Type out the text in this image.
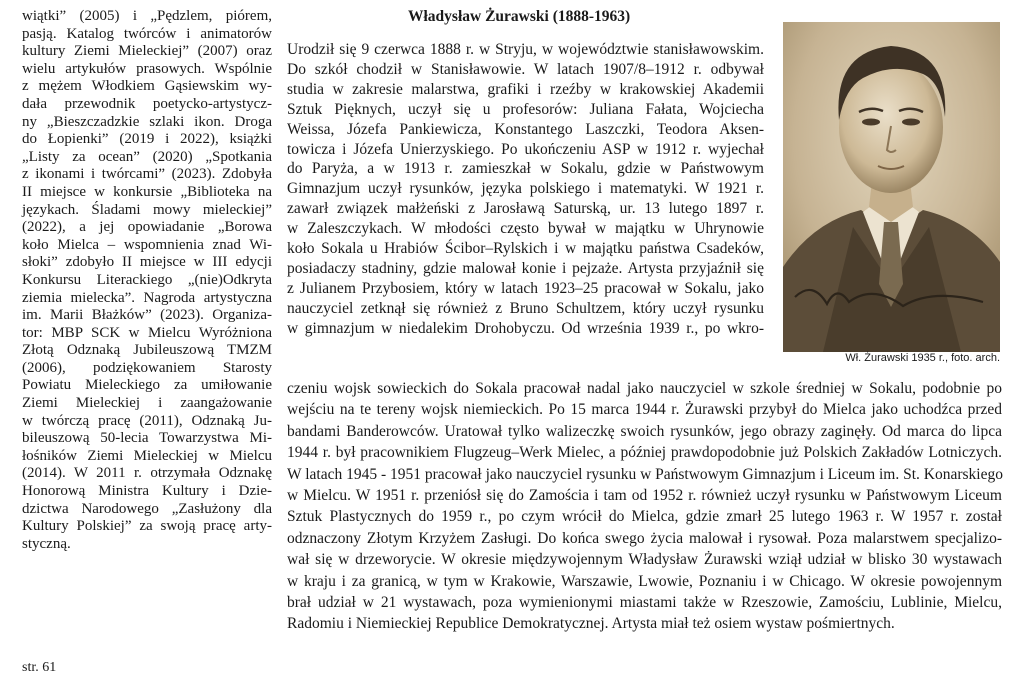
wiątki” (2005) i „Pędzlem, piórem,
pasją. Katalog twórców i animatorów
kultury Ziemi Mieleckiej” (2007) oraz
wielu artykułów prasowych. Wspólnie
z mężem Włodkiem Gąsiewskim wy-
dała przewodnik poetycko-artystycz-
ny „Bieszczadzkie szlaki ikon. Droga
do Łopienki” (2019 i 2022), książki
„Listy za ocean” (2020) „Spotkania
z ikonami i twórcami” (2023). Zdobyła
II miejsce w konkursie „Biblioteka na
językach. Śladami mowy mieleckiej”
(2022), a jej opowiadanie „Borowa
koło Mielca – wspomnienia znad Wi-
słoki” zdobyło II miejsce w III edycji
Konkursu Literackiego „(nie)Odkryta
ziemia mielecka”. Nagroda artystyczna
im. Marii Błażków” (2023). Organiza-
tor: MBP SCK w Mielcu Wyróżniona
Złotą Odznaką Jubileuszową TMZM
(2006), podziękowaniem Starosty
Powiatu Mieleckiego za umiłowanie
Ziemi Mieleckiej i zaangażowanie
w twórczą pracę (2011), Odznaką Ju-
bileuszową 50-lecia Towarzystwa Mi-
łośników Ziemi Mieleckiej w Mielcu
(2014). W 2011 r. otrzymała Odznakę
Honorową Ministra Kultury i Dzie-
dzictwa Narodowego „Zasłużony dla
Kultury Polskiej” za swoją pracę arty-
styczną.
str. 61
Władysław Żurawski (1888-1963)
Urodził się 9 czerwca 1888 r. w Stryju, w województwie stanisławowskim.
Do szkół chodził w Stanisławowie. W latach 1907/8–1912 r. odbywał
studia w zakresie malarstwa, grafiki i rzeźby w krakowskiej Akademii
Sztuk Pięknych, uczył się u profesorów: Juliana Fałata, Wojciecha
Weissa, Józefa Pankiewicza, Konstantego Laszczki, Teodora Aksen-
towicza i Józefa Unierzyskiego. Po ukończeniu ASP w 1912 r. wyjechał
do Paryża, a w 1913 r. zamieszkał w Sokalu, gdzie w Państwowym
Gimnazjum uczył rysunków, języka polskiego i matematyki. W 1921 r.
zawarł związek małżeński z Jarosławą Saturską, ur. 13 lutego 1897 r.
w Zaleszczykach. W młodości często bywał w majątku w Uhrynowie
koło Sokala u Hrabiów Ścibor–Rylskich i w majątku państwa Csadeków,
posiadaczy stadniny, gdzie malował konie i pejzaże. Artysta przyjaźnił się
z Julianem Przybosiem, który w latach 1923–25 pracował w Sokalu, jako
nauczyciel zetknął się również z Bruno Schultzem, który uczył rysunku
w gimnazjum w niedalekim Drohobyczu. Od września 1939 r., po wkro-
Wł. Żurawski 1935 r., foto. arch.
czeniu wojsk sowieckich do Sokala pracował nadal jako nauczyciel w szkole średniej w Sokalu, podobnie po
wejściu na te tereny wojsk niemieckich. Po 15 marca 1944 r. Żurawski przybył do Mielca jako uchodźca przed
bandami Banderowców. Uratował tylko walizeczkę swoich rysunków, jego obrazy zaginęły. Od marca do lipca
1944 r. był pracownikiem Flugzeug–Werk Mielec, a później prawdopodobnie już Polskich Zakładów Lotniczych.
W latach 1945 - 1951 pracował jako nauczyciel rysunku w Państwowym Gimnazjum i Liceum im. St. Konarskiego
w Mielcu. W 1951 r. przeniósł się do Zamościa i tam od 1952 r. również uczył rysunku w Państwowym Liceum
Sztuk Plastycznych do 1959 r., po czym wrócił do Mielca, gdzie zmarł 25 lutego 1963 r. W 1957 r. został
odznaczony Złotym Krzyżem Zasługi. Do końca swego życia malował i rysował. Poza malarstwem specjalizo-
wał się w drzeworycie. W okresie międzywojennym Władysław Żurawski wziął udział w blisko 30 wystawach
w kraju i za granicą, w tym w Krakowie, Warszawie, Lwowie, Poznaniu i w Chicago. W okresie powojennym
brał udział w 21 wystawach, poza wymienionymi miastami także w Rzeszowie, Zamościu, Lublinie, Mielcu,
Radomiu i Niemieckiej Republice Demokratycznej. Artysta miał też osiem wystaw pośmiertnych.
